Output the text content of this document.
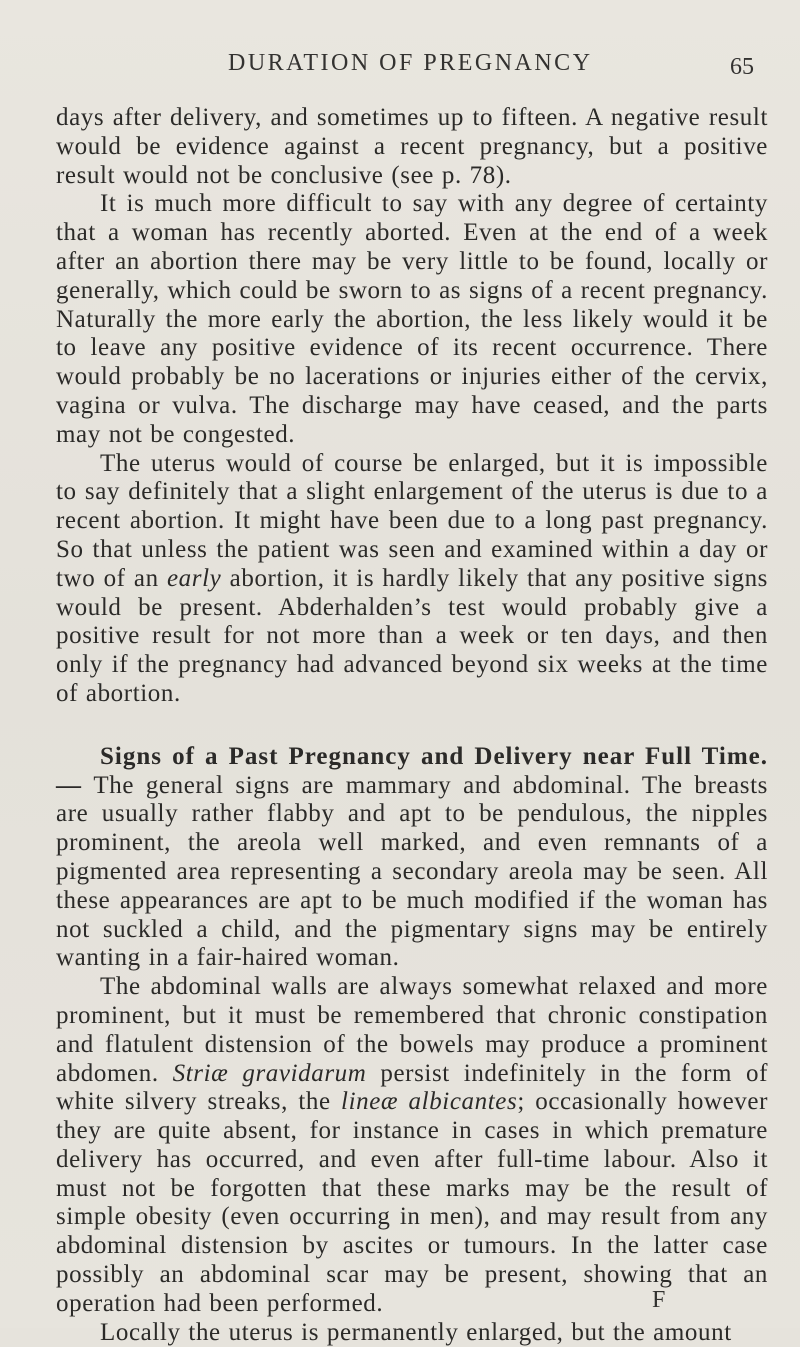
DURATION OF PREGNANCY	65

days after delivery, and sometimes up to fifteen. A negative result would be evidence against a recent pregnancy, but a positive result would not be conclusive (see p. 78).

It is much more difficult to say with any degree of certainty that a woman has recently aborted. Even at the end of a week after an abortion there may be very little to be found, locally or generally, which could be sworn to as signs of a recent pregnancy. Naturally the more early the abortion, the less likely would it be to leave any positive evidence of its recent occurrence. There would probably be no lacerations or injuries either of the cervix, vagina or vulva. The discharge may have ceased, and the parts may not be congested.

The uterus would of course be enlarged, but it is impossible to say definitely that a slight enlargement of the uterus is due to a recent abortion. It might have been due to a long past pregnancy. So that unless the patient was seen and examined within a day or two of an early abortion, it is hardly likely that any positive signs would be present. Abderhalden’s test would probably give a positive result for not more than a week or ten days, and then only if the pregnancy had advanced beyond six weeks at the time of abortion.

Signs of a Past Pregnancy and Delivery near Full Time.— The general signs are mammary and abdominal. The breasts are usually rather flabby and apt to be pendulous, the nipples prominent, the areola well marked, and even remnants of a pigmented area representing a secondary areola may be seen. All these appearances are apt to be much modified if the woman has not suckled a child, and the pigmentary signs may be entirely wanting in a fair-haired woman.

The abdominal walls are always somewhat relaxed and more prominent, but it must be remembered that chronic constipation and flatulent distension of the bowels may produce a prominent abdomen. Striæ gravidarum persist indefinitely in the form of white silvery streaks, the lineæ albicantes; occasionally however they are quite absent, for instance in cases in which premature delivery has occurred, and even after full-time labour. Also it must not be forgotten that these marks may be the result of simple obesity (even occurring in men), and may result from any abdominal distension by ascites or tumours. In the latter case possibly an abdominal scar may be present, showing that an operation had been performed.

Locally the uterus is permanently enlarged, but the amount

F
